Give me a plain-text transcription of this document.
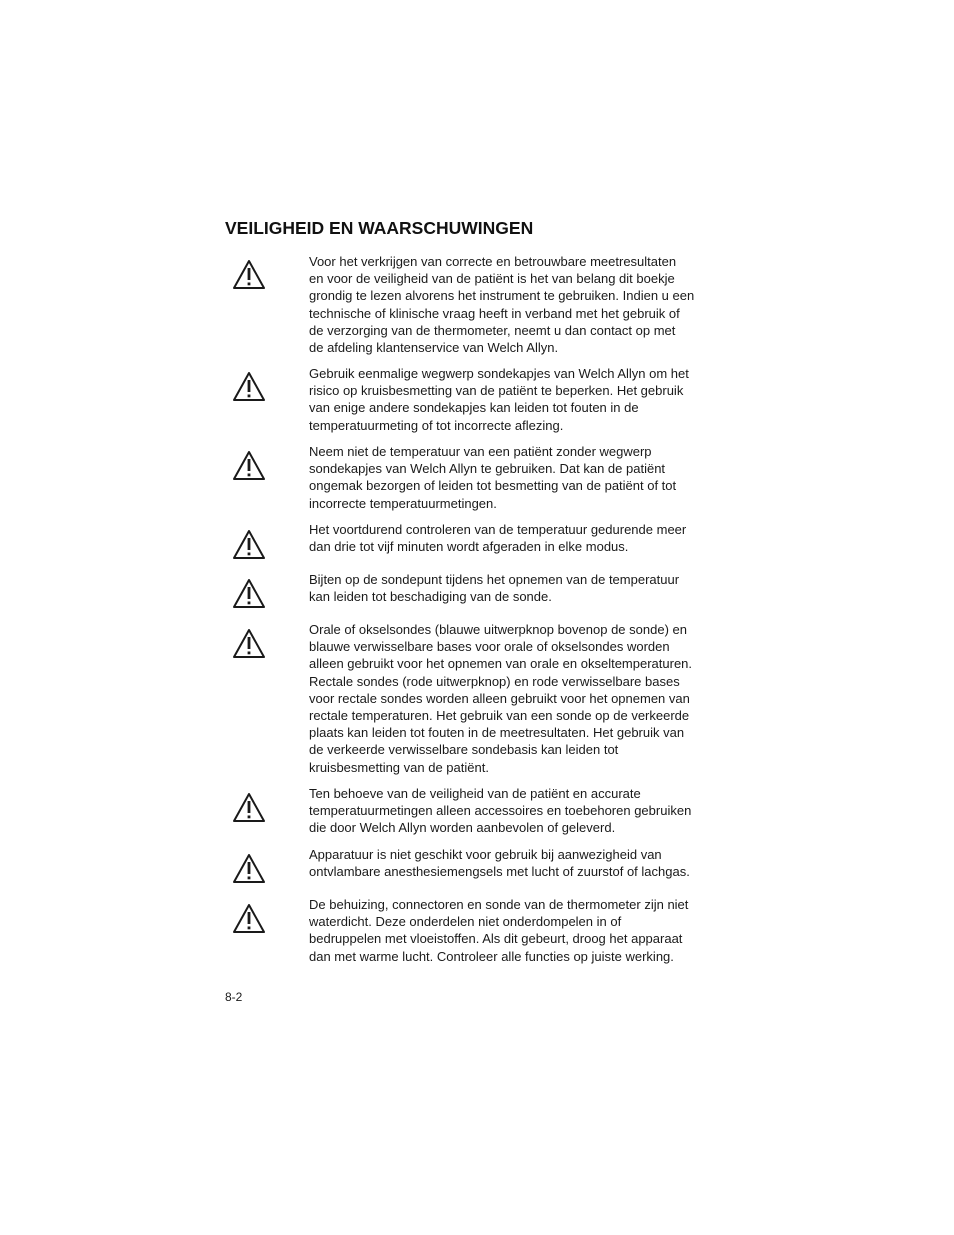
VEILIGHEID EN WAARSCHUWINGEN
Voor het verkrijgen van correcte en betrouwbare meetresultaten
en voor de veiligheid van de patiënt is het van belang dit boekje
grondig te lezen alvorens het instrument te gebruiken. Indien u een
technische of klinische vraag heeft in verband met het gebruik of
de verzorging van de thermometer, neemt u dan contact op met
de afdeling klantenservice van Welch Allyn.
Gebruik eenmalige wegwerp sondekapjes van Welch Allyn om het
risico op kruisbesmetting van de patiënt te beperken. Het gebruik
van enige andere sondekapjes kan leiden tot fouten in de
temperatuurmeting of tot incorrecte aflezing.
Neem niet de temperatuur van een patiënt zonder wegwerp
sondekapjes van Welch Allyn te gebruiken. Dat kan de patiënt
ongemak bezorgen of leiden tot besmetting van de patiënt of tot
incorrecte temperatuurmetingen.
Het voortdurend controleren van de temperatuur gedurende meer
dan drie tot vijf minuten wordt afgeraden in elke modus.
Bijten op de sondepunt tijdens het opnemen van de temperatuur
kan leiden tot beschadiging van de sonde.
Orale of okselsondes (blauwe uitwerpknop bovenop de sonde) en
blauwe verwisselbare bases voor orale of okselsondes worden
alleen gebruikt voor het opnemen van orale en okseltemperaturen.
Rectale sondes (rode uitwerpknop) en rode verwisselbare bases
voor rectale sondes worden alleen gebruikt voor het opnemen van
rectale temperaturen. Het gebruik van een sonde op de verkeerde
plaats kan leiden tot fouten in de meetresultaten. Het gebruik van
de verkeerde verwisselbare sondebasis kan leiden tot
kruisbesmetting van de patiënt.
Ten behoeve van de veiligheid van de patiënt en accurate
temperatuurmetingen alleen accessoires en toebehoren gebruiken
die door Welch Allyn worden aanbevolen of geleverd.
Apparatuur is niet geschikt voor gebruik bij aanwezigheid van
ontvlambare anesthesiemengsels met lucht of zuurstof of lachgas.
De behuizing, connectoren en sonde van de thermometer zijn niet
waterdicht. Deze onderdelen niet onderdompelen in of
bedruppelen met vloeistoffen. Als dit gebeurt, droog het apparaat
dan met warme lucht. Controleer alle functies op juiste werking.
8-2
